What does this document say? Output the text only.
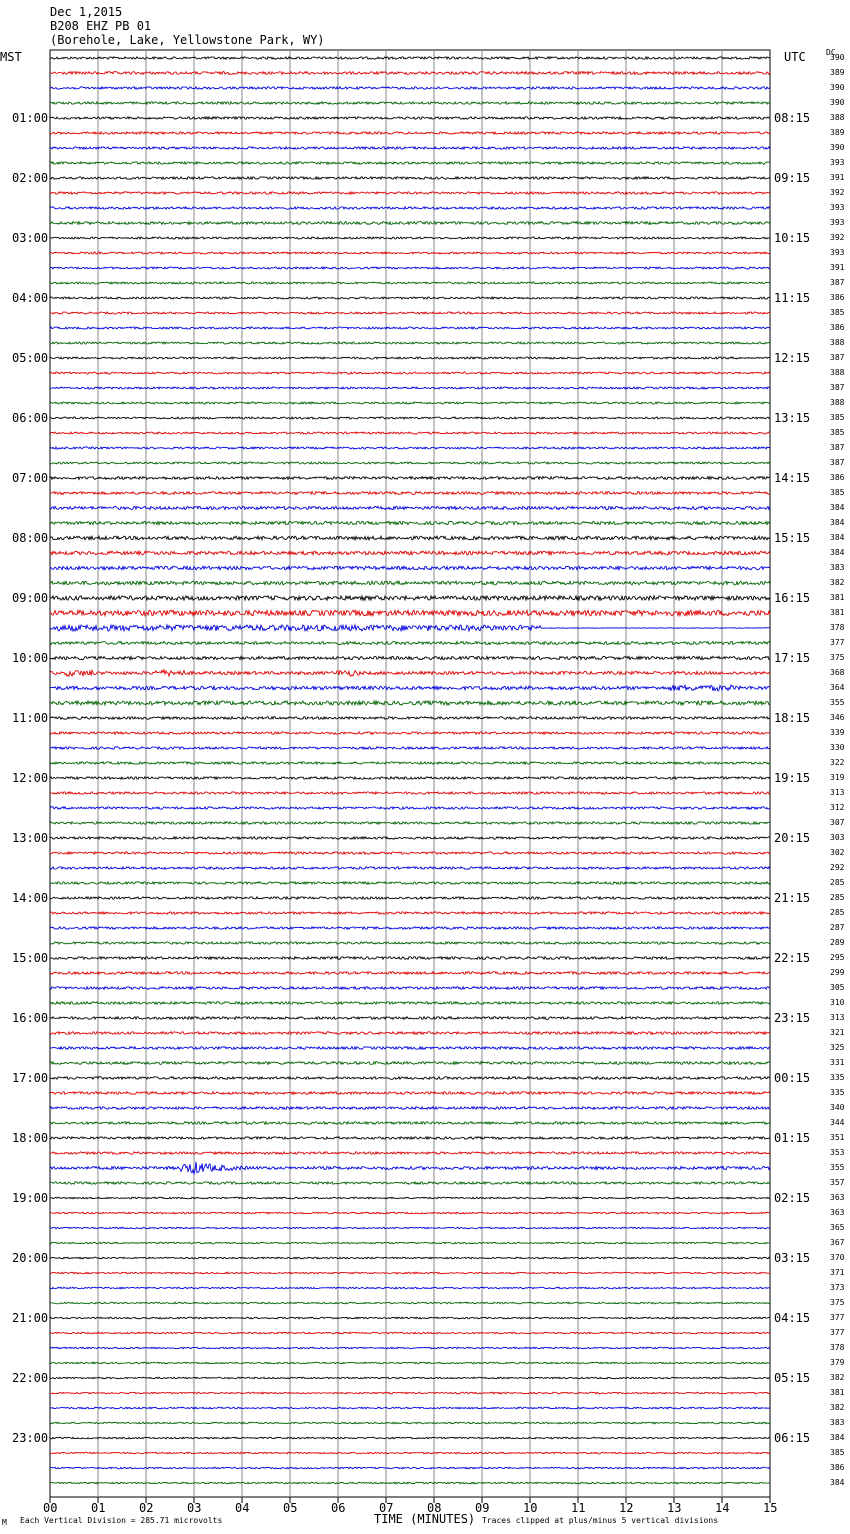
Dec 1,2015
B208 EHZ PB 01
(Borehole, Lake, Yellowstone Park, WY)
MST	UTC	DC
01:00
02:00
03:00
04:00
05:00
06:00
07:00
08:00
09:00
10:00
11:00
12:00
13:00
14:00
15:00
16:00
17:00
18:00
19:00
20:00
21:00
22:00
23:00
08:15
09:15
10:15
11:15
12:15
13:15
14:15
15:15
16:15
17:15
18:15
19:15
20:15
21:15
22:15
23:15
00:15
01:15
02:15
03:15
04:15
05:15
06:15
390
389
390
390
388
389
390
393
391
392
393
393
392
393
391
387
386
385
386
388
387
388
387
388
385
385
387
387
386
385
384
384
384
384
383
382
381
381
378
377
375
368
364
355
346
339
330
322
319
313
312
307
303
302
292
285
285
285
287
289
295
299
305
310
313
321
325
331
335
335
340
344
351
353
355
357
363
363
365
367
370
371
373
375
377
377
378
379
382
381
382
383
384
385
386
384
00	01	02	03	04	05	06	07	08	09	10	11	12	13	14	15
M Each Vertical Division = 285.71 microvolts	TIME (MINUTES) Traces clipped at plus/minus 5 vertical divisions
